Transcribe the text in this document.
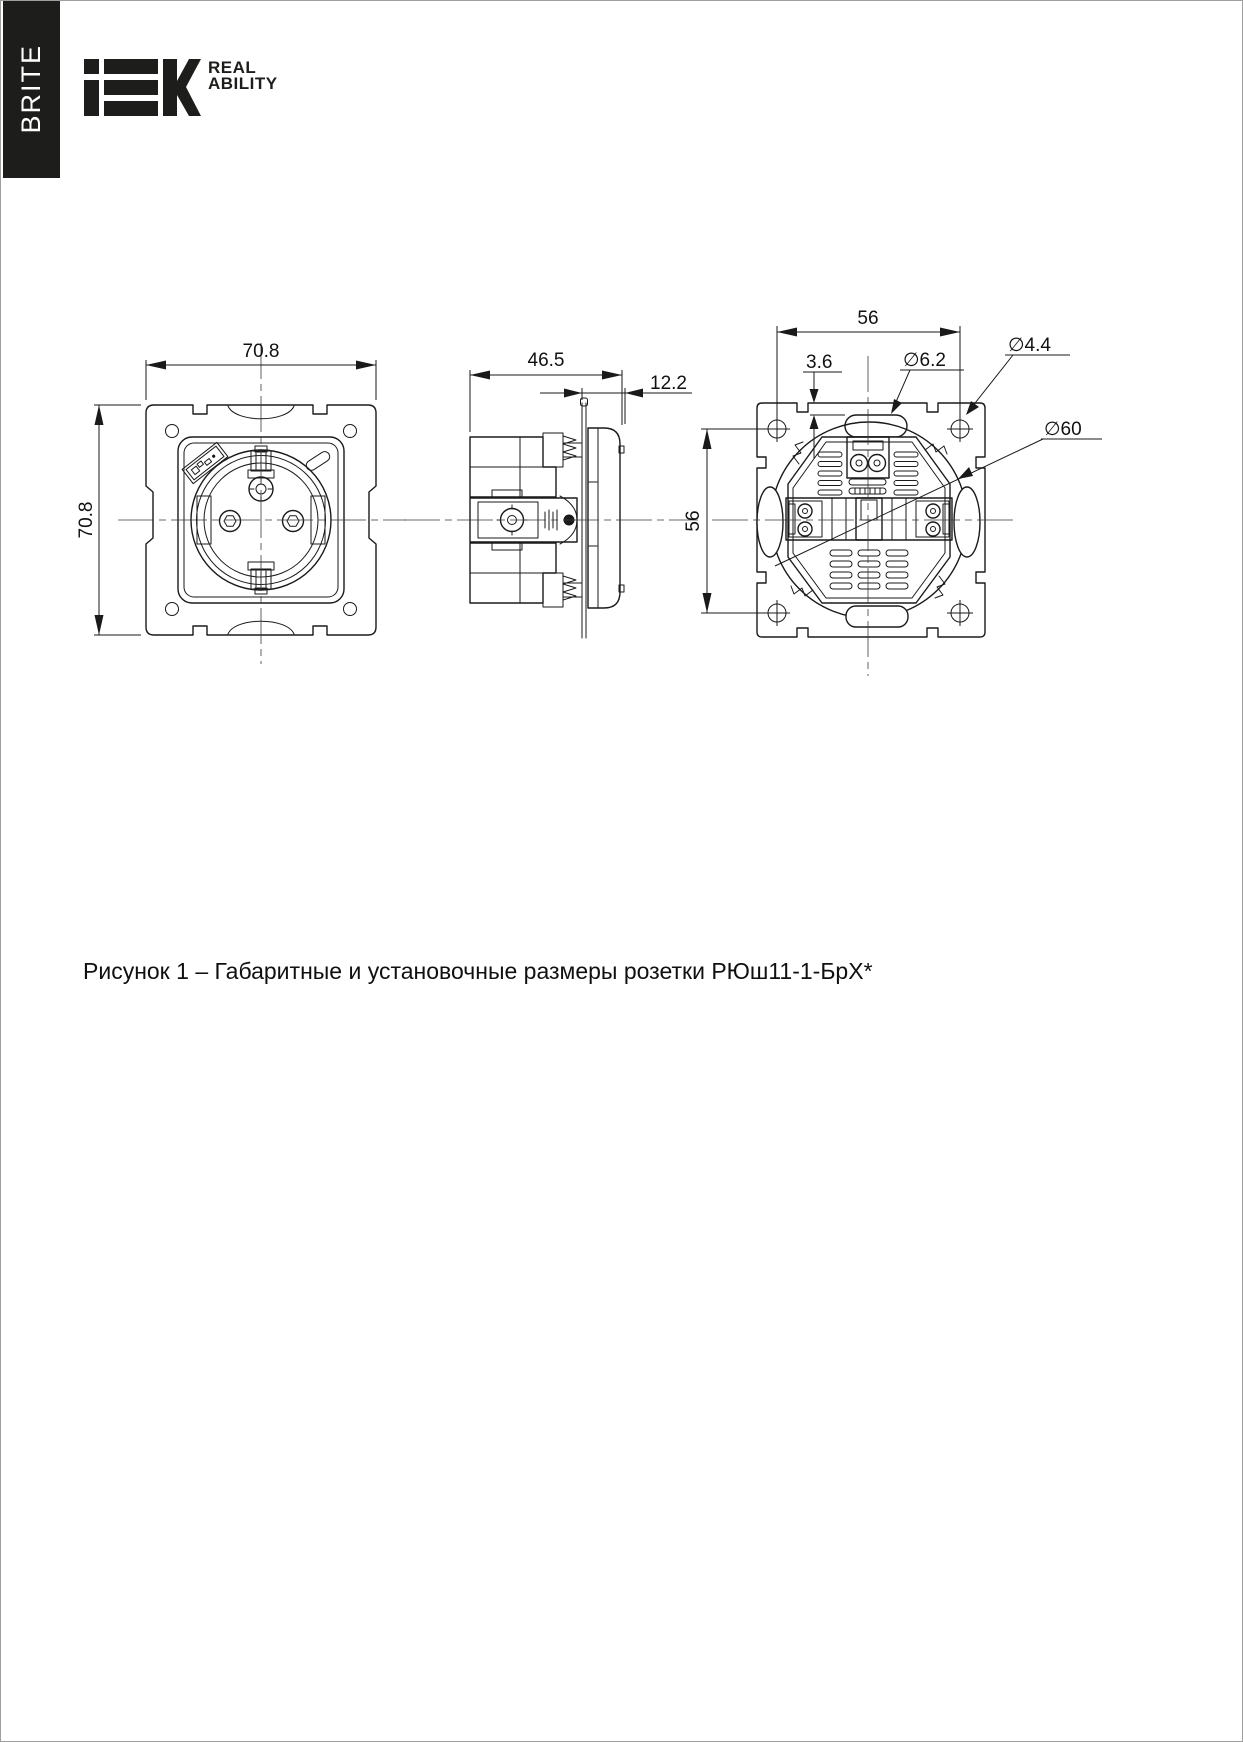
BRITE	REAL
ABILITY
70.8
70.8
46.5
12.2
56
56
3.6	∅6.2
∅4.4
∅60
Рисунок 1 – Габаритные и установочные размеры розетки РЮш11-1-БрХ*
